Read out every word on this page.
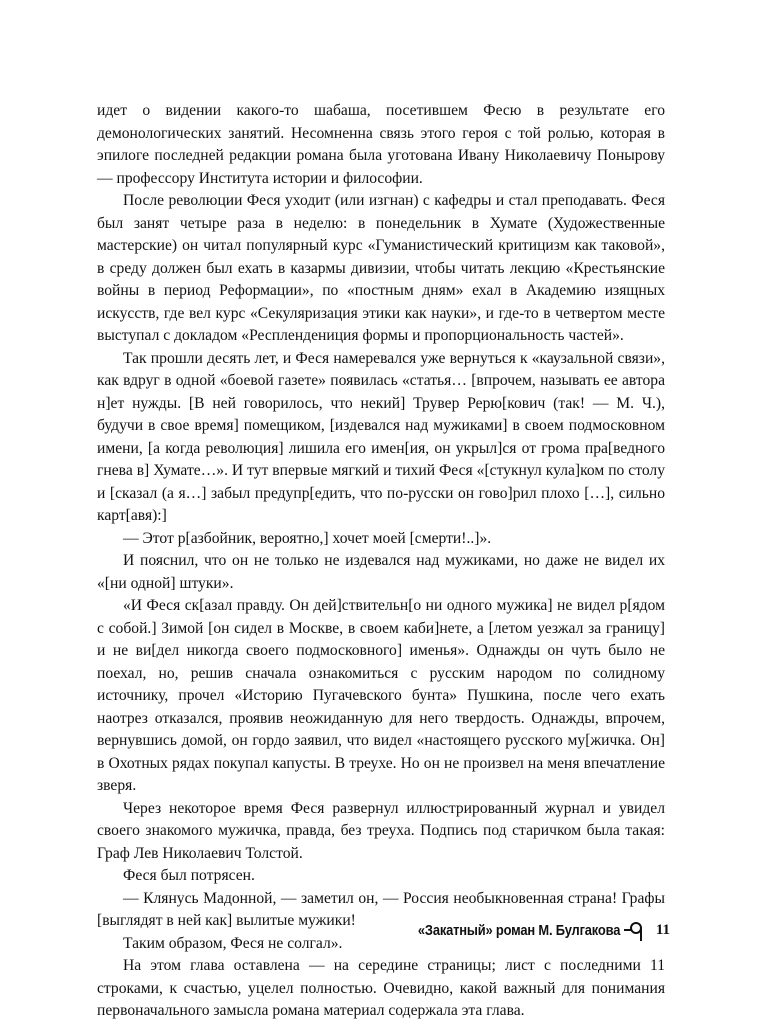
идет о видении какого-то шабаша, посетившем Фесю в результате его демонологических занятий. Несомненна связь этого героя с той ролью, которая в эпилоге последней редакции романа была уготована Ивану Николаевичу Понырову — профессору Института истории и философии.

После революции Феся уходит (или изгнан) с кафедры и стал преподавать. Феся был занят четыре раза в неделю: в понедельник в Хумате (Художественные мастерские) он читал популярный курс «Гуманистический критицизм как таковой», в среду должен был ехать в казармы дивизии, чтобы читать лекцию «Крестьянские войны в период Реформации», по «постным дням» ехал в Академию изящных искусств, где вел курс «Секуляризация этики как науки», и где-то в четвертом месте выступал с докладом «Респлендениция формы и пропорциональность частей».

Так прошли десять лет, и Феся намеревался уже вернуться к «каузальной связи», как вдруг в одной «боевой газете» появилась «статья… [впрочем, называть ее автора н]ет нужды. [В ней говорилось, что некий] Трувер Рерю[кович (так! — М. Ч.), будучи в свое время] помещиком, [издевался над мужиками] в своем подмосковном имени, [а когда революция] лишила его имен[ия, он укрыл]ся от грома пра[ведного гнева в] Хумате…». И тут впервые мягкий и тихий Феся «[стукнул кула]ком по столу и [сказал (а я…] забыл предупр[едить, что по-русски он гово]рил плохо […], сильно карт[авя):]

— Этот р[азбойник, вероятно,] хочет моей [смерти!..]».

И пояснил, что он не только не издевался над мужиками, но даже не видел их «[ни одной] штуки».

«И Феся ск[азал правду. Он дей]ствительн[о ни одного мужика] не видел р[ядом с собой.] Зимой [он сидел в Москве, в своем каби]нете, а [летом уезжал за границу] и не ви[дел никогда своего подмосковного] именья». Однажды он чуть было не поехал, но, решив сначала ознакомиться с русским народом по солидному источнику, прочел «Историю Пугачевского бунта» Пушкина, после чего ехать наотрез отказался, проявив неожиданную для него твердость. Однажды, впрочем, вернувшись домой, он гордо заявил, что видел «настоящего русского му[жичка. Он] в Охотных рядах покупал капусты. В треухе. Но он не произвел на меня впечатление зверя.

Через некоторое время Феся развернул иллюстрированный журнал и увидел своего знакомого мужичка, правда, без треуха. Подпись под старичком была такая: Граф Лев Николаевич Толстой.

Феся был потрясен.

— Клянусь Мадонной, — заметил он, — Россия необыкновенная страна! Графы [выглядят в ней как] вылитые мужики!

Таким образом, Феся не солгал».

На этом глава оставлена — на середине страницы; лист с последними 11 строками, к счастью, уцелел полностью. Очевидно, какой важный для понимания первоначального замысла романа материал содержала эта глава.

«Закатный» роман М. Булгакова 11
